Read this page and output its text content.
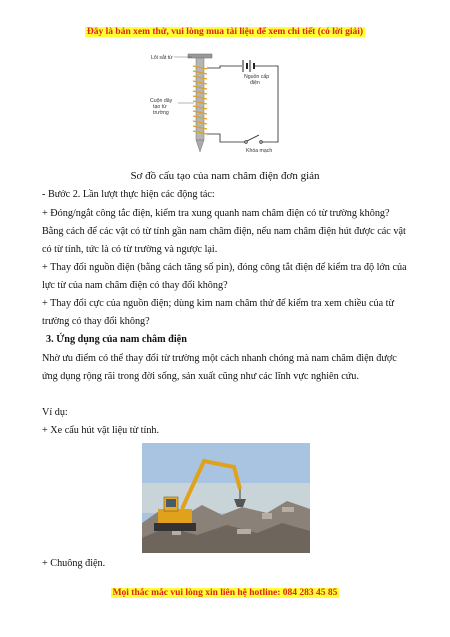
Đây là bản xem thử, vui lòng mua tài liệu để xem chi tiết (có lời giải)
Lõi sắt từ
Nguồn cấp
điện
Cuộn dây
tạo từ
trường
Khóa mạch
Sơ đồ cấu tạo của nam châm điện đơn giản
- Bước 2. Lần lượt thực hiện các động tác:
+ Đóng/ngắt công tắc điện, kiểm tra xung quanh nam châm điện có từ trường không? Bằng cách để các vật có từ tính gần nam châm điện, nếu nam châm điện hút được các vật có từ tính, tức là có từ trường và ngược lại.
+ Thay đổi nguồn điện (bằng cách tăng số pin), đóng công tắt điện để kiểm tra độ lớn của lực từ của nam châm điện có thay đổi không?
+ Thay đổi cực của nguồn điện; dùng kim nam châm thử để kiểm tra xem chiều của từ trường có thay đổi không?
3. Ứng dụng của nam châm điện
Nhờ ưu điểm có thể thay đổi từ trường một cách nhanh chóng mà nam châm điện được ứng dụng rộng rãi trong đời sống, sản xuất cũng như các lĩnh vực nghiên cứu.
Ví dụ:
+ Xe cẩu hút vật liệu từ tính.
+ Chuông điện.
Mọi thắc mắc vui lòng xin liên hệ hotline: 084 283 45 85
